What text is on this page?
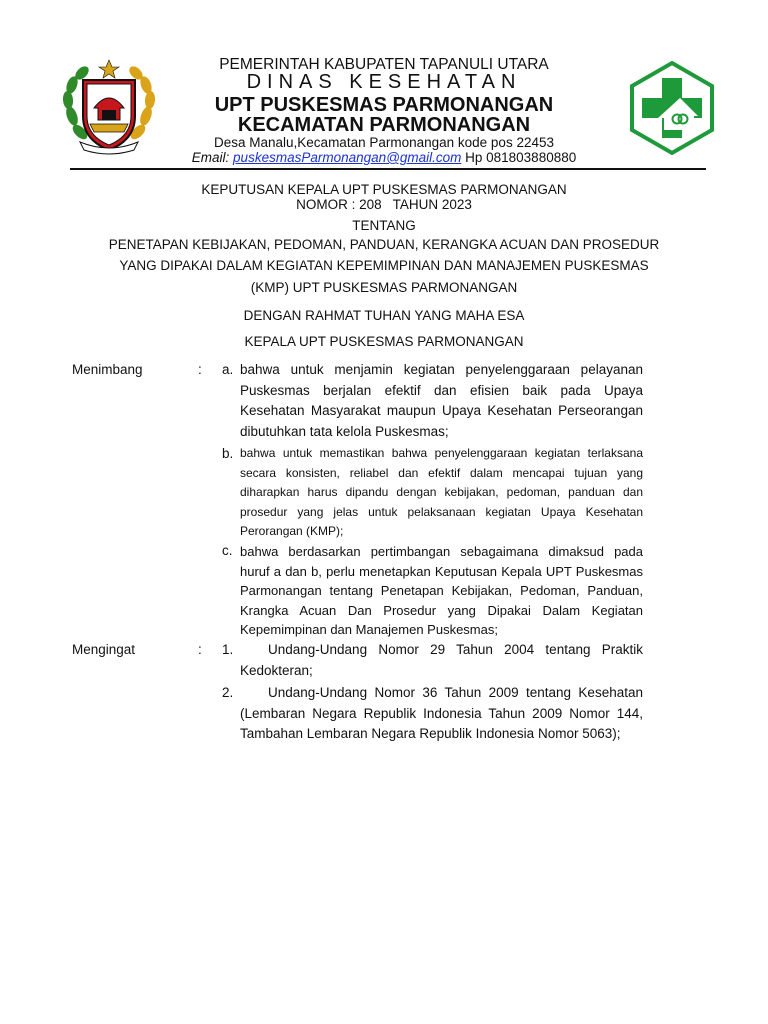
PEMERINTAH KABUPATEN TAPANULI UTARA
DINAS KESEHATAN
UPT PUSKESMAS PARMONANGAN
KECAMATAN PARMONANGAN
Desa Manalu,Kecamatan Parmonangan kode pos 22453
Email: puskesmasParmonangan@gmail.com Hp 081803880880
KEPUTUSAN KEPALA UPT PUSKESMAS PARMONANGAN
NOMOR : 208   TAHUN 2023
TENTANG
PENETAPAN KEBIJAKAN, PEDOMAN, PANDUAN, KERANGKA ACUAN DAN PROSEDUR
YANG DIPAKAI DALAM KEGIATAN KEPEMIMPINAN DAN MANAJEMEN PUSKESMAS
(KMP) UPT PUSKESMAS PARMONANGAN
DENGAN RAHMAT TUHAN YANG MAHA ESA
KEPALA UPT PUSKESMAS PARMONANGAN
Menimbang	: a. bahwa untuk menjamin kegiatan penyelenggaraan pelayanan Puskesmas berjalan efektif dan efisien baik pada Upaya Kesehatan Masyarakat maupun Upaya Kesehatan Perseorangan dibutuhkan tata kelola Puskesmas;
b. bahwa untuk memastikan bahwa penyelenggaraan kegiatan terlaksana secara konsisten, reliabel dan efektif dalam mencapai tujuan yang diharapkan harus dipandu dengan kebijakan, pedoman, panduan dan prosedur yang jelas untuk pelaksanaan kegiatan Upaya Kesehatan Perorangan (KMP);
c. bahwa berdasarkan pertimbangan sebagaimana dimaksud pada huruf a dan b, perlu menetapkan Keputusan Kepala UPT Puskesmas Parmonangan tentang Penetapan Kebijakan, Pedoman, Panduan, Krangka Acuan Dan Prosedur yang Dipakai Dalam Kegiatan Kepemimpinan dan Manajemen Puskesmas;
Mengingat	: 1.	Undang-Undang Nomor 29 Tahun 2004 tentang Praktik Kedokteran;
2.	Undang-Undang Nomor 36 Tahun 2009 tentang Kesehatan (Lembaran Negara Republik Indonesia Tahun 2009 Nomor 144, Tambahan Lembaran Negara Republik Indonesia Nomor 5063);
